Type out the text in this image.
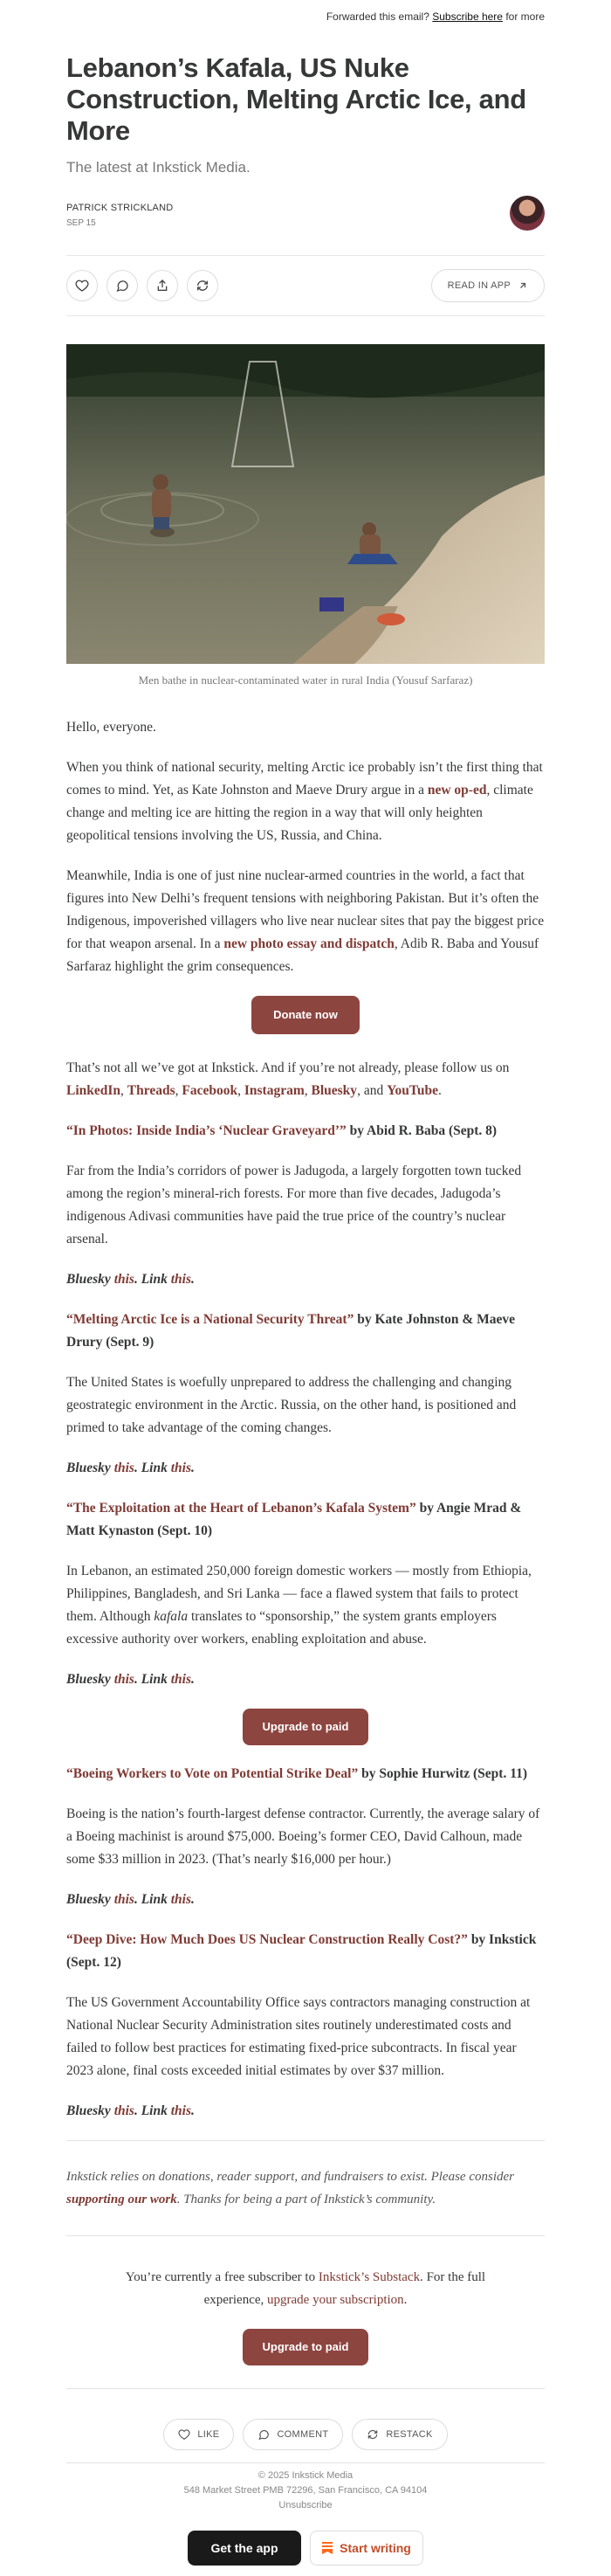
Forwarded this email? Subscribe here for more
Lebanon’s Kafala, US Nuke Construction, Melting Arctic Ice, and More
The latest at Inkstick Media.
PATRICK STRICKLAND
SEP 15
READ IN APP
Men bathe in nuclear-contaminated water in rural India (Yousuf Sarfaraz)

Hello, everyone.

When you think of national security, melting Arctic ice probably isn’t the first thing that comes to mind. Yet, as Kate Johnston and Maeve Drury argue in a new op-ed, climate change and melting ice are hitting the region in a way that will only heighten geopolitical tensions involving the US, Russia, and China.

Meanwhile, India is one of just nine nuclear-armed countries in the world, a fact that figures into New Delhi’s frequent tensions with neighboring Pakistan. But it’s often the Indigenous, impoverished villagers who live near nuclear sites that pay the biggest price for that weapon arsenal. In a new photo essay and dispatch, Adib R. Baba and Yousuf Sarfaraz highlight the grim consequences.

Donate now

That’s not all we’ve got at Inkstick. And if you’re not already, please follow us on
LinkedIn, Threads, Facebook, Instagram, Bluesky, and YouTube.

“In Photos: Inside India’s ‘Nuclear Graveyard’” by Abid R. Baba (Sept. 8)

Far from the India’s corridors of power is Jadugoda, a largely forgotten town tucked among the region’s mineral-rich forests. For more than five decades, Jadugoda’s indigenous Adivasi communities have paid the true price of the country’s nuclear arsenal.

Bluesky this. Link this.

“Melting Arctic Ice is a National Security Threat” by Kate Johnston & Maeve Drury (Sept. 9)

The United States is woefully unprepared to address the challenging and changing geostrategic environment in the Arctic. Russia, on the other hand, is positioned and primed to take advantage of the coming changes.

Bluesky this. Link this.

“The Exploitation at the Heart of Lebanon’s Kafala System” by Angie Mrad & Matt Kynaston (Sept. 10)

In Lebanon, an estimated 250,000 foreign domestic workers — mostly from Ethiopia, Philippines, Bangladesh, and Sri Lanka — face a flawed system that fails to protect them. Although kafala translates to “sponsorship,” the system grants employers excessive authority over workers, enabling exploitation and abuse.

Bluesky this. Link this.

Upgrade to paid

“Boeing Workers to Vote on Potential Strike Deal” by Sophie Hurwitz (Sept. 11)

Boeing is the nation’s fourth-largest defense contractor. Currently, the average salary of a Boeing machinist is around $75,000. Boeing’s former CEO, David Calhoun, made some $33 million in 2023. (That’s nearly $16,000 per hour.)

Bluesky this. Link this.

“Deep Dive: How Much Does US Nuclear Construction Really Cost?” by Inkstick (Sept. 12)

The US Government Accountability Office says contractors managing construction at National Nuclear Security Administration sites routinely underestimated costs and failed to follow best practices for estimating fixed-price subcontracts. In fiscal year 2023 alone, final costs exceeded initial estimates by over $37 million.

Bluesky this. Link this.

Inkstick relies on donations, reader support, and fundraisers to exist. Please consider supporting our work. Thanks for being a part of Inkstick’s community.

You’re currently a free subscriber to Inkstick’s Substack. For the full experience, upgrade your subscription.

Upgrade to paid
LIKE	COMMENT	RESTACK
© 2025 Inkstick Media
548 Market Street PMB 72296, San Francisco, CA 94104
Unsubscribe
Get the app	Start writing
